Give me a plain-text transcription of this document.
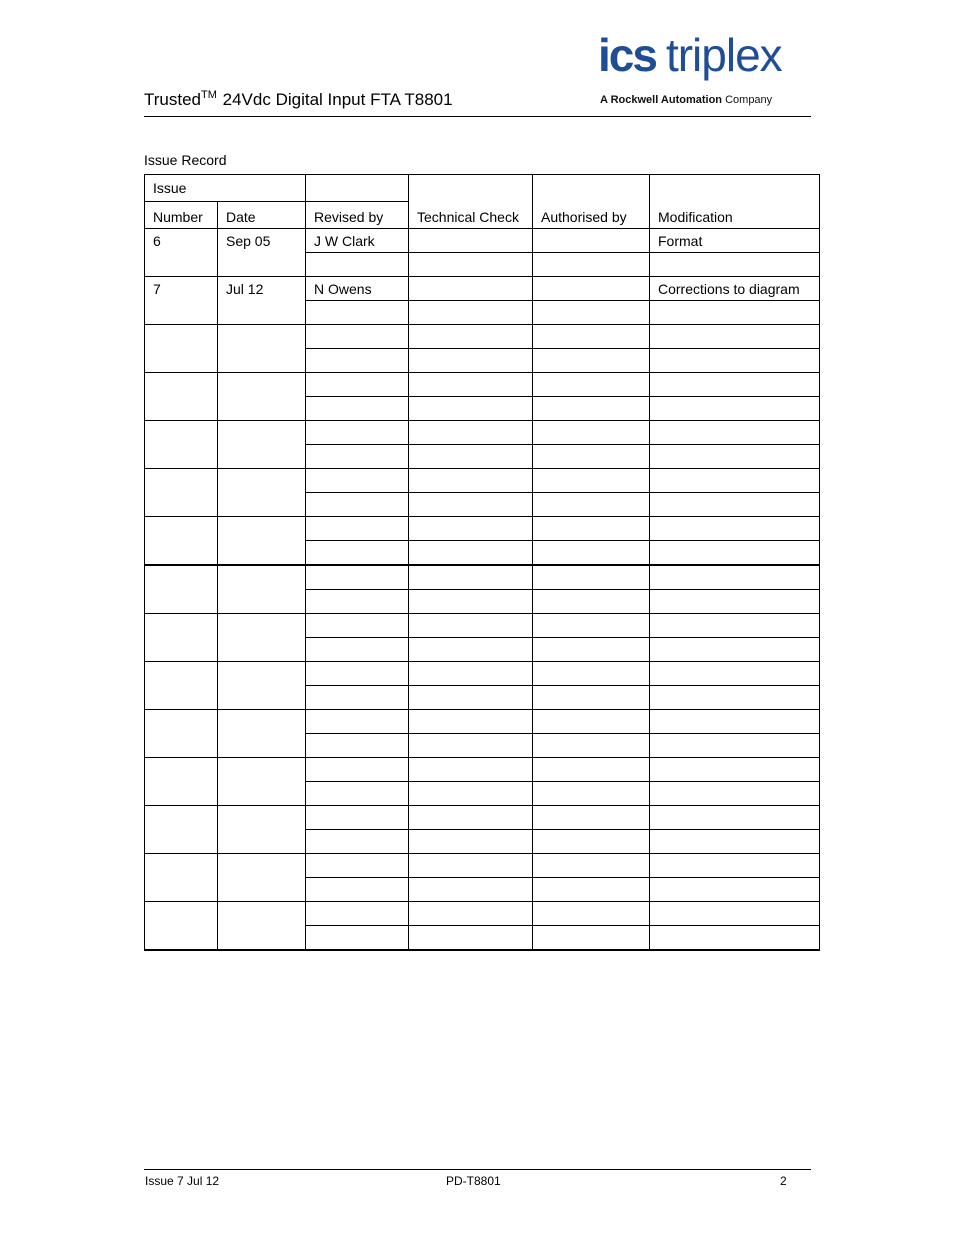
Trusted™ 24Vdc Digital Input FTA T8801
ics triplex
A Rockwell Automation Company
Issue Record
Issue			Technical Check	Authorised by	Modification
Number	Date	Revised by			
6	Sep 05	J W Clark			Format

7	Jul 12	N Owens			Corrections to diagram

Issue 7 Jul 12	PD-T8801	2
